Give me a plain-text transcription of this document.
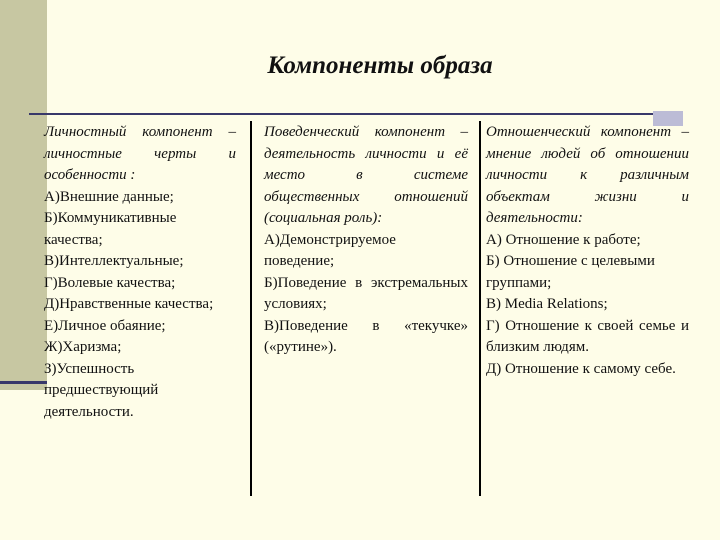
Компоненты образа

Личностный компонент – личностные черты и особенности :

А)Внешние данные;

Б)Коммуникативные качества;

В)Интеллектуальные;

Г)Волевые качества;

Д)Нравственные качества;

Е)Личное обаяние;

Ж)Харизма;

З)Успешность предшествующий деятельности.

Поведенческий компонент – деятельность личности и её место в системе общественных отношений (социальная роль):

А)Демонстрируемое поведение;

Б)Поведение в экстремальных условиях;

В)Поведение в «текучке» («рутине»).

Отношенческий компонент – мнение людей об отношении личности к различным объектам жизни и деятельности:

А) Отношение к работе;

Б) Отношение с целевыми группами;

В) Media Relations;

Г) Отношение к своей семье и близким людям.

Д) Отношение к самому себе.
